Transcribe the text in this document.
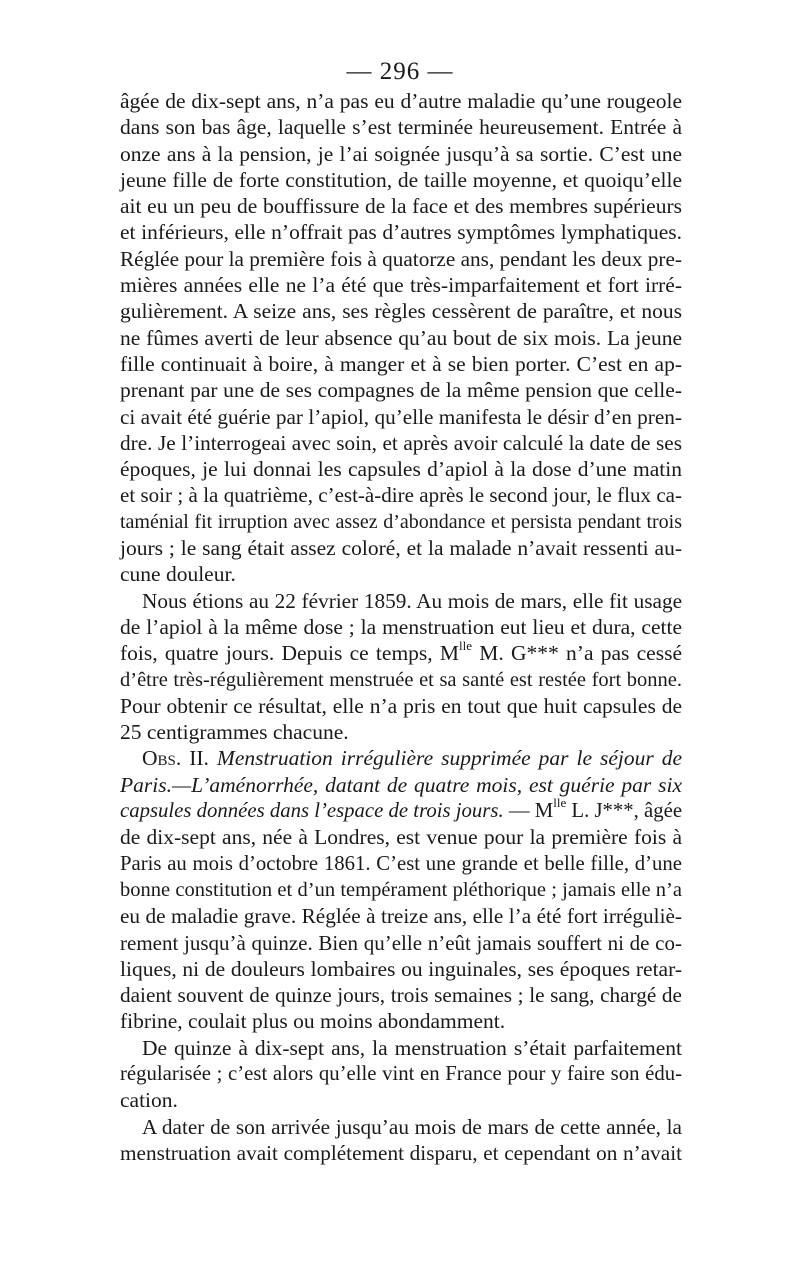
— 296 —

âgée de dix-sept ans, n’a pas eu d’autre maladie qu’une rougeole
dans son bas âge, laquelle s’est terminée heureusement. Entrée à
onze ans à la pension, je l’ai soignée jusqu’à sa sortie. C’est une
jeune fille de forte constitution, de taille moyenne, et quoiqu’elle
ait eu un peu de bouffissure de la face et des membres supérieurs
et inférieurs, elle n’offrait pas d’autres symptômes lymphatiques.
Réglée pour la première fois à quatorze ans, pendant les deux pre-
mières années elle ne l’a été que très-imparfaitement et fort irré-
gulièrement. A seize ans, ses règles cessèrent de paraître, et nous
ne fûmes averti de leur absence qu’au bout de six mois. La jeune
fille continuait à boire, à manger et à se bien porter. C’est en ap-
prenant par une de ses compagnes de la même pension que celle-
ci avait été guérie par l’apiol, qu’elle manifesta le désir d’en pren-
dre. Je l’interrogeai avec soin, et après avoir calculé la date de ses
époques, je lui donnai les capsules d’apiol à la dose d’une matin
et soir ; à la quatrième, c’est-à-dire après le second jour, le flux ca-
taménial fit irruption avec assez d’abondance et persista pendant trois
jours ; le sang était assez coloré, et la malade n’avait ressenti au-
cune douleur.

Nous étions au 22 février 1859. Au mois de mars, elle fit usage
de l’apiol à la même dose ; la menstruation eut lieu et dura, cette
fois, quatre jours. Depuis ce temps, $M^{lle}$ M. G*** n’a pas cessé
d’être très-régulièrement menstruée et sa santé est restée fort bonne.
Pour obtenir ce résultat, elle n’a pris en tout que huit capsules de
25 centigrammes chacune.

Obs. II. Menstruation irrégulière supprimée par le séjour de
Paris.—L’aménorrhée, datant de quatre mois, est guérie par six
capsules données dans l’espace de trois jours. — $M^{lle}$ L. J***, âgée
de dix-sept ans, née à Londres, est venue pour la première fois à
Paris au mois d’octobre 1861. C’est une grande et belle fille, d’une
bonne constitution et d’un tempérament pléthorique ; jamais elle n’a
eu de maladie grave. Réglée à treize ans, elle l’a été fort irréguliè-
rement jusqu’à quinze. Bien qu’elle n’eût jamais souffert ni de co-
liques, ni de douleurs lombaires ou inguinales, ses époques retar-
daient souvent de quinze jours, trois semaines ; le sang, chargé de
fibrine, coulait plus ou moins abondamment.

De quinze à dix-sept ans, la menstruation s’était parfaitement
régularisée ; c’est alors qu’elle vint en France pour y faire son édu-
cation.

A dater de son arrivée jusqu’au mois de mars de cette année, la
menstruation avait complétement disparu, et cependant on n’avait
